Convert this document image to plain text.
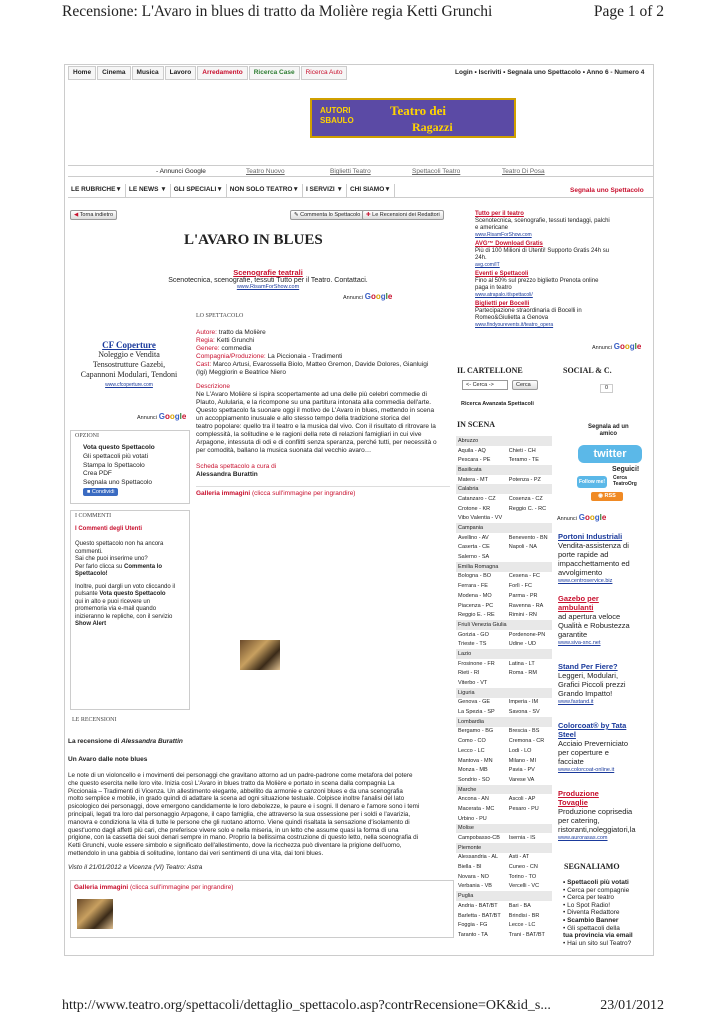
Recensione: L'Avaro in blues di tratto da Molière regia Ketti Grunchi	Page 1 of 2
http://www.teatro.org/spettacoli/dettaglio_spettacolo.asp?contrRecensione=OK&id_s...	23/01/2012
Home	Cinema	Musica	Lavoro	Arredamento	Ricerca Case	Ricerca Auto	Login • Iscriviti • Segnala uno Spettacolo • Anno 6 - Numero 4
AUTORI
SBAULO
Teatro dei
Ragazzi
- Annunci Google	Teatro Nuovo	Biglietti Teatro	Spettacoli Teatro	Teatro Di Posa
LE RUBRICHE▼	LE NEWS ▼	GLI SPECIALI▼	NON SOLO TEATRO▼	I SERVIZI ▼	CHI SIAMO▼	Segnala uno Spettacolo
◀ Torna indietro	✎ Commenta lo Spettacolo	✚ Le Recensioni dei Redattori
L'AVARO IN BLUES
Scenografie teatrali
Scenotecnica, scenografie, tessuti Tutto per il Teatro. Contattaci.
www.RisamForShow.com
Annunci Google
CF Coperture
Noleggio e Vendita
Tensostrutture Gazebi,
Capannoni Modulari, Tendoni
www.cfcoperture.com
Annunci Google
OPZIONI
Vota questo Spettacolo
Gli spettacoli più votati
Stampa lo Spettacolo
Crea PDF
Segnala uno Spettacolo
■ Condividi
I COMMENTI
I Commenti degli Utenti
Questo spettacolo non ha ancora
commenti.
Sai che puoi inserirne uno?
Per farlo clicca su Commenta lo
Spettacolo!
Inoltre, puoi dargli un voto cliccando il
pulsante Vota questo Spettacolo
qui in alto e puoi ricevere un
promemoria via e-mail quando
inizieranno le repliche, con il servizio
Show Alert
LO SPETTACOLO
Autore: tratto da Molière
Regia: Ketti Grunchi
Genere: commedia
Compagnia/Produzione: La Piccionaia - Tradimenti
Cast: Marco Artusi, Evarossella Biolo, Matteo Gremon, Davide Dolores, Gianluigi
(Igi) Meggiorin e Beatrice Niero
Descrizione
Ne L'Avaro Molière si ispira scopertamente ad una delle più celebri commedie di
Plauto, Aulularia, e la ricompone su una partitura intonata alla commedia dell'arte.
Questo spettacolo fa suonare oggi il motivo de L'Avaro in blues, mettendo in scena
un accoppiamento inusuale e allo stesso tempo della tradizione storica del
teatro popolare: quello tra il teatro e la musica dal vivo. Con il risultato di ritrovare la
complessità, la solitudine e le ragioni della rete di relazioni famigliari in cui vive
Arpagone, intessuta di odi e di conflitti senza speranza, perché tutti, per necessità o
per comodità, ballano la musica suonata dal vecchio avaro…
Scheda spettacolo a cura di
Alessandra Burattin
Galleria immagini (clicca sull'immagine per ingrandire)
LE RECENSIONI
La recensione di Alessandra Burattin
Un Avaro dalle note blues
Le note di un violoncello e i movimenti dei personaggi che gravitano attorno ad un padre-padrone come metafora del potere
che questo esercita nelle loro vite. Inizia così L'Avaro in blues tratto da Molière e portato in scena dalla compagnia La
Piccionaia – Tradimenti di Vicenza. Un allestimento elegante, abbellito da armonie e canzoni blues e da una scenografia
molto semplice e mobile, in grado quindi di adattare la scena ad ogni situazione testuale. Colpisce inoltre l'analisi del lato
psicologico dei personaggi, dove emergono candidamente le loro debolezze, le paure e i sogni. Il denaro e l'amore sono i temi
principali, legati tra loro dal personaggio Arpagone, il capo famiglia, che attraverso la sua ossessione per i soldi e l'avarizia,
manovra e condiziona la vita di tutte le persone che gli ruotano attorno. Viene quindi risaltata la sensazione d'isolamento di
quest'uomo dagli affetti più cari, che preferisce vivere solo e nella miseria, in un letto che assume quasi la forma di una
prigione, con la cassetta dei suoi denari sempre in mano. Proprio la bellissima costruzione di questo letto, nella scenografia di
Ketti Grunchi, vuole essere simbolo e significato dell'allestimento, dove la ricchezza può diventare la prigione dell'uomo,
mettendolo in una gabbia di solitudine, lontano dai veri sentimenti di una vita, dai toni blues.
Visto il 21/01/2012 a Vicenza (VI) Teatro: Astra
Galleria immagini (clicca sull'immagine per ingrandire)
Tutto per il teatro
Scenotecnica, scenografie, tessuti tendaggi, palchi
e americane
www.RisamForShow.com
AVG™ Download Gratis
Più di 100 Milioni di Utenti! Supporto Gratis 24h su
24h.
avg.com/IT
Eventi e Spettacoli
Fino al 50% sul prezzo biglietto Prenota online
paga in teatro
www.atrapalo.it/spettacoli/
Biglietti per Bocelli
Partecipazione straordinaria di Bocelli in
Romeo&Giulietta a Genova
www.findyourevents.it/teatro_opera
Annunci Google
IL CARTELLONE
<- Cerca ->	Cerca
Ricerca Avanzata Spettacoli
SOCIAL & C.
0
Segnala ad un
amico
twitter
Seguici!
Follow me!
Cerca
TeatroOrg
◉ RSS
Annunci Google
IN SCENA
Abruzzo	
Aquila - AQ	Chieti - CH
Pescara - PE	Teramo - TE
Basilicata	
Matera - MT	Potenza - PZ
Calabria	
Catanzaro - CZ	Cosenza - CZ
Crotone - KR	Reggio C. - RC
Vibo Valentia - VV	
Campania	
Avellino - AV	Benevento - BN
Caserta - CE	Napoli - NA
Salerno - SA	
Emilia Romagna	
Bologna - BO	Cesena - FC
Ferrara - FE	Forlì - FC
Modena - MO	Parma - PR
Piacenza - PC	Ravenna - RA
Reggio E. - RE	Rimini - RN
Friuli Venezia Giulia	
Gorizia - GO	Pordenone-PN
Trieste - TS	Udine - UD
Lazio	
Frosinone - FR	Latina - LT
Rieti - RI	Roma - RM
Viterbo - VT	
Liguria	
Genova - GE	Imperia - IM
La Spezia - SP	Savona - SV
Lombardia	
Bergamo - BG	Brescia - BS
Como - CO	Cremona - CR
Lecco - LC	Lodi - LO
Mantova - MN	Milano - MI
Monza - MB	Pavia - PV
Sondrio - SO	Varese VA
Marche	
Ancona - AN	Ascoli - AP
Macerata - MC	Pesaro - PU
Urbino - PU	
Molise	
Campobasso-CB	Isernia - IS
Piemonte	
Alessandria - AL	Asti - AT
Biella - BI	Cuneo - CN
Novara - NO	Torino - TO
Verbania - VB	Vercelli - VC
Puglia	
Andria - BAT/BT	Bari - BA
Barletta - BAT/BT	Brindisi - BR
Foggia - FG	Lecce - LC
Taranto - TA	Trani - BAT/BT
Portoni Industriali
Vendita-assistenza di
porte rapide ad
impacchettamento ed
avvolgimento
www.centroservice.biz
Gazebo per
ambulanti
ad apertura veloce
Qualità e Robustezza
garantite
www.siva-snc.net
Stand Per Fiere?
Leggeri, Modulari,
Grafici Piccoli prezzi
Grando Impatto!
www.fastand.it
Colorcoat® by Tata
Steel
Acciaio Preverniciato
per coperture e
facciate
www.colorcoat-online.it
Produzione
Tovaglie
Produzione coprisedia
per catering,
ristoranti,noleggiatori,la
www.aurorasas.com
SEGNALIAMO
• Spettacoli più votati
• Cerca per compagnie
• Cerca per teatro
• Lo Spot Radio!
• Diventa Redattore
• Scambio Banner
• Gli spettacoli della
tua provincia via email
• Hai un sito sul Teatro?
